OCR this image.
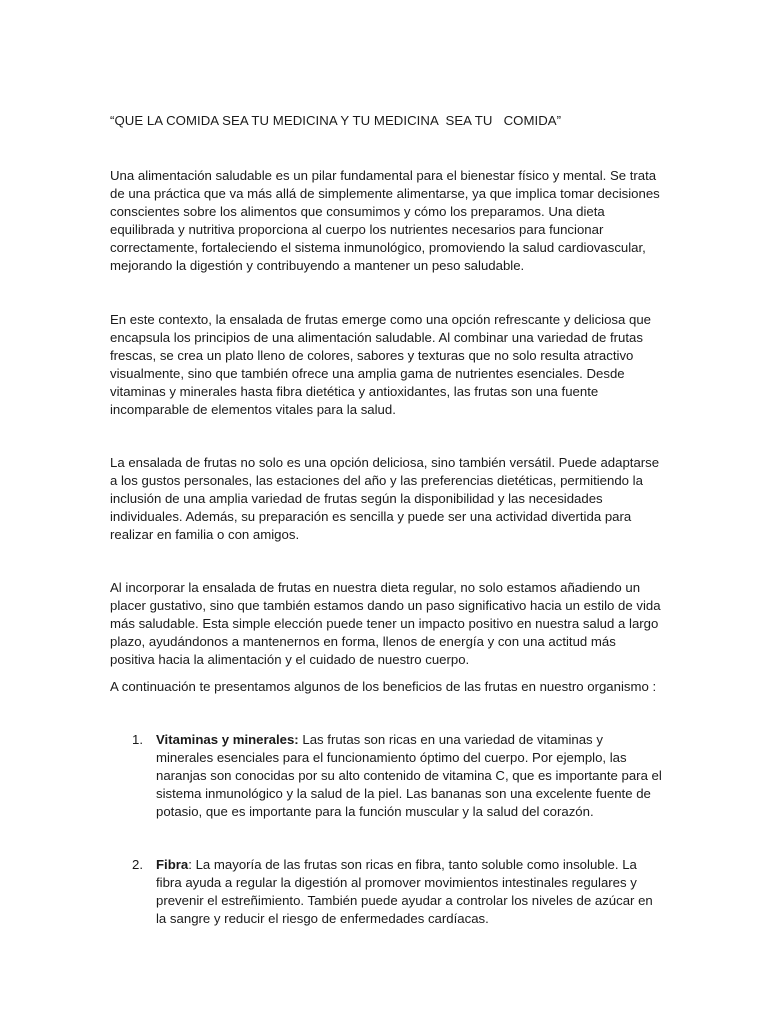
“QUE LA COMIDA SEA TU MEDICINA Y TU MEDICINA  SEA TU   COMIDA”

Una alimentación saludable es un pilar fundamental para el bienestar físico y mental. Se trata de una práctica que va más allá de simplemente alimentarse, ya que implica tomar decisiones conscientes sobre los alimentos que consumimos y cómo los preparamos. Una dieta equilibrada y nutritiva proporciona al cuerpo los nutrientes necesarios para funcionar correctamente, fortaleciendo el sistema inmunológico, promoviendo la salud cardiovascular, mejorando la digestión y contribuyendo a mantener un peso saludable.

En este contexto, la ensalada de frutas emerge como una opción refrescante y deliciosa que encapsula los principios de una alimentación saludable. Al combinar una variedad de frutas frescas, se crea un plato lleno de colores, sabores y texturas que no solo resulta atractivo visualmente, sino que también ofrece una amplia gama de nutrientes esenciales. Desde vitaminas y minerales hasta fibra dietética y antioxidantes, las frutas son una fuente incomparable de elementos vitales para la salud.

La ensalada de frutas no solo es una opción deliciosa, sino también versátil. Puede adaptarse a los gustos personales, las estaciones del año y las preferencias dietéticas, permitiendo la inclusión de una amplia variedad de frutas según la disponibilidad y las necesidades individuales. Además, su preparación es sencilla y puede ser una actividad divertida para realizar en familia o con amigos.

Al incorporar la ensalada de frutas en nuestra dieta regular, no solo estamos añadiendo un placer gustativo, sino que también estamos dando un paso significativo hacia un estilo de vida más saludable. Esta simple elección puede tener un impacto positivo en nuestra salud a largo plazo, ayudándonos a mantenernos en forma, llenos de energía y con una actitud más positiva hacia la alimentación y el cuidado de nuestro cuerpo.

A continuación te presentamos algunos de los beneficios de las frutas en nuestro organismo :

1. Vitaminas y minerales: Las frutas son ricas en una variedad de vitaminas y minerales esenciales para el funcionamiento óptimo del cuerpo. Por ejemplo, las naranjas son conocidas por su alto contenido de vitamina C, que es importante para el sistema inmunológico y la salud de la piel. Las bananas son una excelente fuente de potasio, que es importante para la función muscular y la salud del corazón.
2. Fibra: La mayoría de las frutas son ricas en fibra, tanto soluble como insoluble. La fibra ayuda a regular la digestión al promover movimientos intestinales regulares y prevenir el estreñimiento. También puede ayudar a controlar los niveles de azúcar en la sangre y reducir el riesgo de enfermedades cardíacas.
